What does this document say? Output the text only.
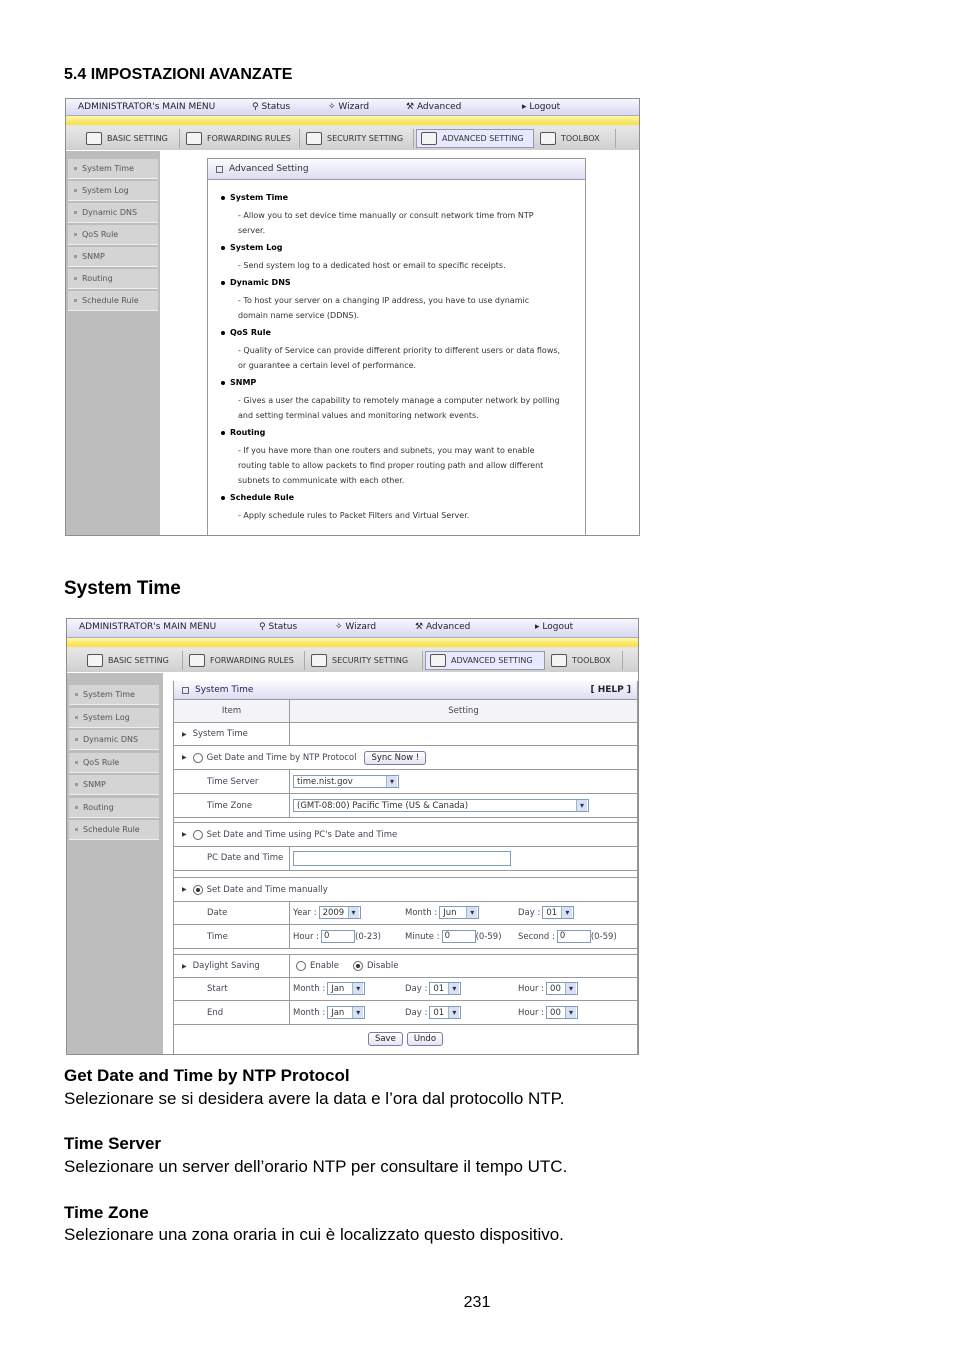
5.4 IMPOSTAZIONI AVANZATE
ADMINISTRATOR's MAIN MENU	⚲ Status	✧ Wizard	⚒ Advanced	▸ Logout
BASIC SETTING	FORWARDING RULES	SECURITY SETTING	ADVANCED SETTING	TOOLBOX
System Time
System Log
Dynamic DNS
QoS Rule
SNMP
Routing
Schedule Rule
Advanced Setting
System Time
- Allow you to set device time manually or consult network time from NTP
server.
System Log
- Send system log to a dedicated host or email to specific receipts.
Dynamic DNS
- To host your server on a changing IP address, you have to use dynamic
domain name service (DDNS).
QoS Rule
- Quality of Service can provide different priority to different users or data flows,
or guarantee a certain level of performance.
SNMP
- Gives a user the capability to remotely manage a computer network by polling
and setting terminal values and monitoring network events.
Routing
- If you have more than one routers and subnets, you may want to enable
routing table to allow packets to find proper routing path and allow different
subnets to communicate with each other.
Schedule Rule
- Apply schedule rules to Packet Filters and Virtual Server.
System Time
ADMINISTRATOR's MAIN MENU	⚲ Status	✧ Wizard	⚒ Advanced	▸ Logout
BASIC SETTING	FORWARDING RULES	SECURITY SETTING	ADVANCED SETTING	TOOLBOX
System Time
System Log
Dynamic DNS
QoS Rule
SNMP
Routing
Schedule Rule
System Time	[ HELP ]
Item	Setting
▶ System Time
▶ Get Date and Time by NTP Protocol	Sync Now !
Time Server	time.nist.gov ▾
Time Zone	(GMT-08:00) Pacific Time (US & Canada) ▾
▶ Set Date and Time using PC's Date and Time
PC Date and Time
▶ Set Date and Time manually
Date	Year : 2009 ▾	Month : Jun ▾	Day : 01 ▾
Time	Hour : 0	(0-23)	Minute : 0	(0-59) Second : 0	(0-59)
▶ Daylight Saving	Enable	Disable
Start	Month : Jan ▾	Day : 01 ▾	Hour : 00 ▾
End	Month : Jan ▾	Day : 01 ▾	Hour : 00 ▾
Save	Undo
Get Date and Time by NTP Protocol
Selezionare se si desidera avere la data e l’ora dal protocollo NTP.
Time Server
Selezionare un server dell’orario NTP per consultare il tempo UTC.
Time Zone
Selezionare una zona oraria in cui è localizzato questo dispositivo.
231
